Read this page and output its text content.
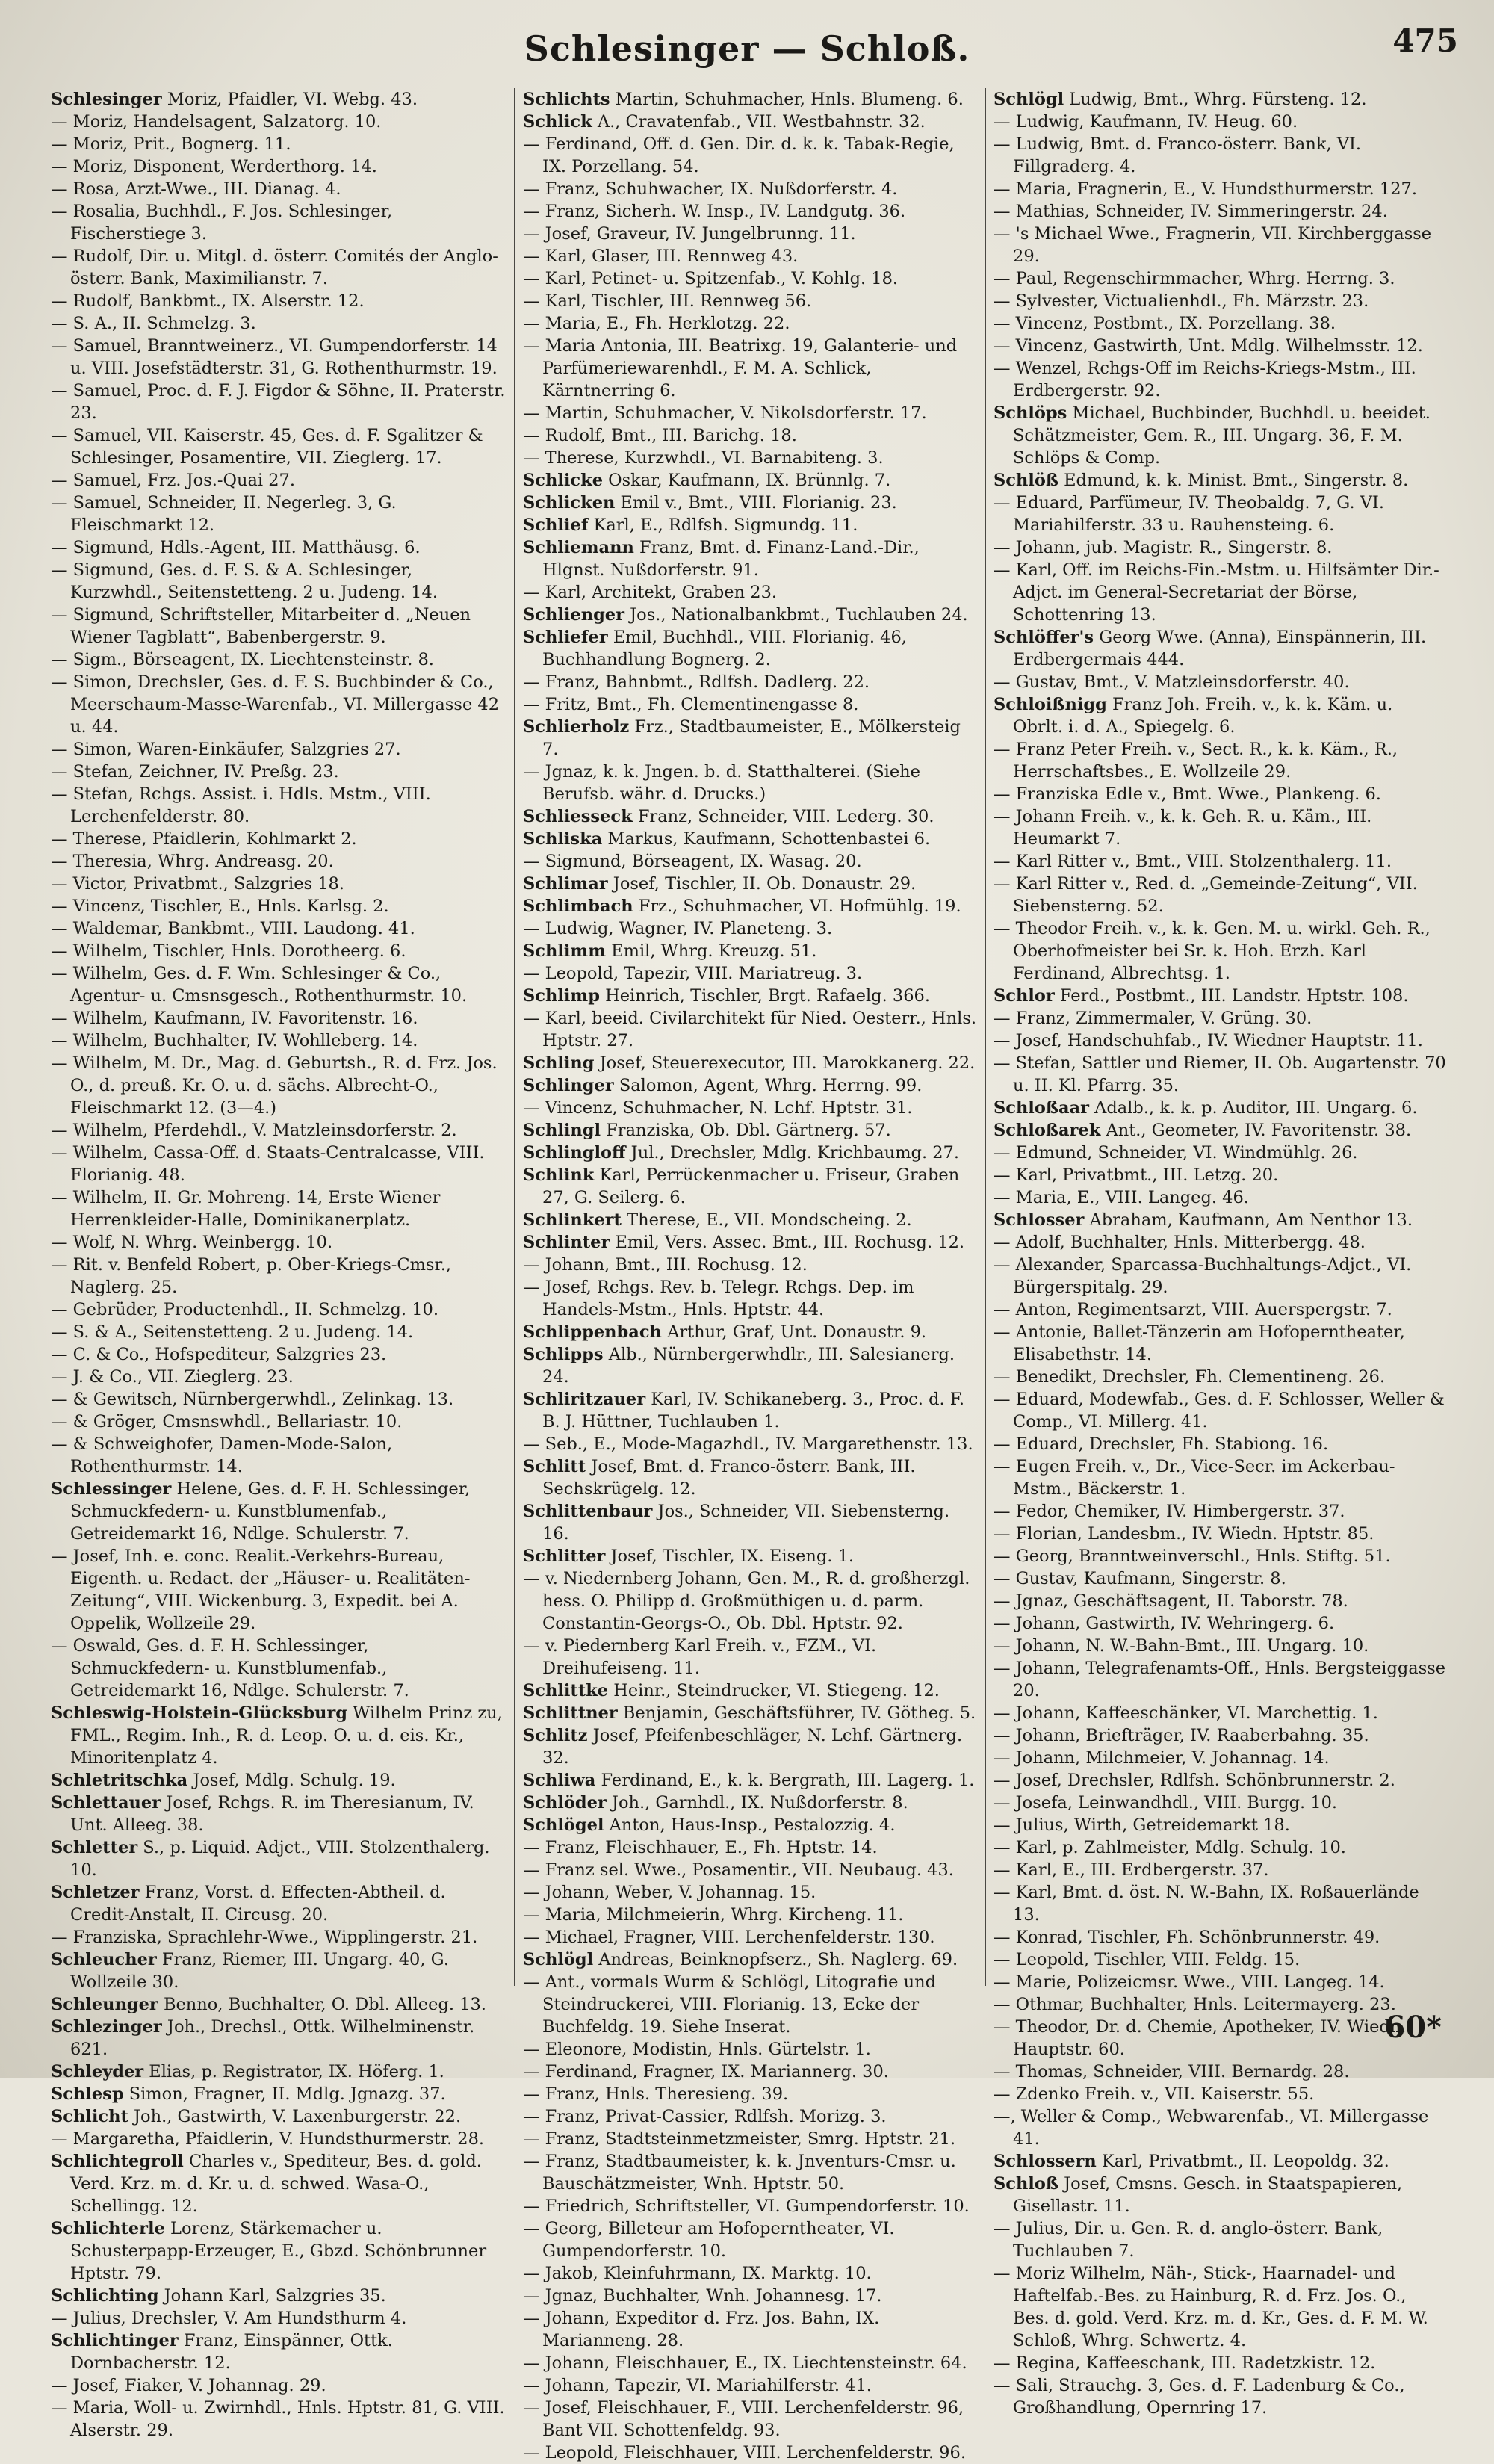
Schlesinger — Schloß.	475

Schlesinger Moriz, Pfaidler, VI. Webg. 43.

— Moriz, Handelsagent, Salzatorg. 10.

— Moriz, Prit., Bognerg. 11.

— Moriz, Disponent, Werderthorg. 14.

— Rosa, Arzt-Wwe., III. Dianag. 4.

— Rosalia, Buchhdl., F. Jos. Schlesinger, Fischerstiege 3.

— Rudolf, Dir. u. Mitgl. d. österr. Comités der Anglo-österr. Bank, Maximilianstr. 7.

— Rudolf, Bankbmt., IX. Alserstr. 12.

— S. A., II. Schmelzg. 3.

— Samuel, Branntweinerz., VI. Gumpendorferstr. 14 u. VIII. Josefstädterstr. 31, G. Rothenthurmstr. 19.

— Samuel, Proc. d. F. J. Figdor & Söhne, II. Praterstr. 23.

— Samuel, VII. Kaiserstr. 45, Ges. d. F. Sgalitzer & Schlesinger, Posamentire, VII. Zieglerg. 17.

— Samuel, Frz. Jos.-Quai 27.

— Samuel, Schneider, II. Negerleg. 3, G. Fleischmarkt 12.

— Sigmund, Hdls.-Agent, III. Matthäusg. 6.

— Sigmund, Ges. d. F. S. & A. Schlesinger, Kurzwhdl., Seitenstetteng. 2 u. Judeng. 14.

— Sigmund, Schriftsteller, Mitarbeiter d. „Neuen Wiener Tagblatt“, Babenbergerstr. 9.

— Sigm., Börseagent, IX. Liechtensteinstr. 8.

— Simon, Drechsler, Ges. d. F. S. Buchbinder & Co., Meerschaum-Masse-Warenfab., VI. Millergasse 42 u. 44.

— Simon, Waren-Einkäufer, Salzgries 27.

— Stefan, Zeichner, IV. Preßg. 23.

— Stefan, Rchgs. Assist. i. Hdls. Mstm., VIII. Lerchenfelderstr. 80.

— Therese, Pfaidlerin, Kohlmarkt 2.

— Theresia, Whrg. Andreasg. 20.

— Victor, Privatbmt., Salzgries 18.

— Vincenz, Tischler, E., Hnls. Karlsg. 2.

— Waldemar, Bankbmt., VIII. Laudong. 41.

— Wilhelm, Tischler, Hnls. Dorotheerg. 6.

— Wilhelm, Ges. d. F. Wm. Schlesinger & Co., Agentur- u. Cmsnsgesch., Rothenthurmstr. 10.

— Wilhelm, Kaufmann, IV. Favoritenstr. 16.

— Wilhelm, Buchhalter, IV. Wohlleberg. 14.

— Wilhelm, M. Dr., Mag. d. Geburtsh., R. d. Frz. Jos. O., d. preuß. Kr. O. u. d. sächs. Albrecht-O., Fleischmarkt 12. (3—4.)

— Wilhelm, Pferdehdl., V. Matzleinsdorferstr. 2.

— Wilhelm, Cassa-Off. d. Staats-Centralcasse, VIII. Florianig. 48.

— Wilhelm, II. Gr. Mohreng. 14, Erste Wiener Herrenkleider-Halle, Dominikanerplatz.

— Wolf, N. Whrg. Weinbergg. 10.

— Rit. v. Benfeld Robert, p. Ober-Kriegs-Cmsr., Naglerg. 25.

— Gebrüder, Productenhdl., II. Schmelzg. 10.

— S. & A., Seitenstetteng. 2 u. Judeng. 14.

— C. & Co., Hofspediteur, Salzgries 23.

— J. & Co., VII. Zieglerg. 23.

— & Gewitsch, Nürnbergerwhdl., Zelinkag. 13.

— & Gröger, Cmsnswhdl., Bellariastr. 10.

— & Schweighofer, Damen-Mode-Salon, Rothenthurmstr. 14.

Schlessinger Helene, Ges. d. F. H. Schlessinger, Schmuckfedern- u. Kunstblumenfab., Getreidemarkt 16, Ndlge. Schulerstr. 7.

— Josef, Inh. e. conc. Realit.-Verkehrs-Bureau, Eigenth. u. Redact. der „Häuser- u. Realitäten-Zeitung“, VIII. Wickenburg. 3, Expedit. bei A. Oppelik, Wollzeile 29.

— Oswald, Ges. d. F. H. Schlessinger, Schmuckfedern- u. Kunstblumenfab., Getreidemarkt 16, Ndlge. Schulerstr. 7.

Schleswig-Holstein-Glücksburg Wilhelm Prinz zu, FML., Regim. Inh., R. d. Leop. O. u. d. eis. Kr., Minoritenplatz 4.

Schletritschka Josef, Mdlg. Schulg. 19.

Schlettauer Josef, Rchgs. R. im Theresianum, IV. Unt. Alleeg. 38.

Schletter S., p. Liquid. Adjct., VIII. Stolzenthalerg. 10.

Schletzer Franz, Vorst. d. Effecten-Abtheil. d. Credit-Anstalt, II. Circusg. 20.

— Franziska, Sprachlehr-Wwe., Wipplingerstr. 21.

Schleucher Franz, Riemer, III. Ungarg. 40, G. Wollzeile 30.

Schleunger Benno, Buchhalter, O. Dbl. Alleeg. 13.

Schlezinger Joh., Drechsl., Ottk. Wilhelminenstr. 621.

Schleyder Elias, p. Registrator, IX. Höferg. 1.

Schlesp Simon, Fragner, II. Mdlg. Jgnazg. 37.

Schlicht Joh., Gastwirth, V. Laxenburgerstr. 22.

— Margaretha, Pfaidlerin, V. Hundsthurmerstr. 28.

Schlichtegroll Charles v., Spediteur, Bes. d. gold. Verd. Krz. m. d. Kr. u. d. schwed. Wasa-O., Schellingg. 12.

Schlichterle Lorenz, Stärkemacher u. Schusterpapp-Erzeuger, E., Gbzd. Schönbrunner Hptstr. 79.

Schlichting Johann Karl, Salzgries 35.

— Julius, Drechsler, V. Am Hundsthurm 4.

Schlichtinger Franz, Einspänner, Ottk. Dornbacherstr. 12.

— Josef, Fiaker, V. Johannag. 29.

— Maria, Woll- u. Zwirnhdl., Hnls. Hptstr. 81, G. VIII. Alserstr. 29.

Schlichts Martin, Schuhmacher, Hnls. Blumeng. 6.

Schlick A., Cravatenfab., VII. Westbahnstr. 32.

— Ferdinand, Off. d. Gen. Dir. d. k. k. Tabak-Regie, IX. Porzellang. 54.

— Franz, Schuhwacher, IX. Nußdorferstr. 4.

— Franz, Sicherh. W. Insp., IV. Landgutg. 36.

— Josef, Graveur, IV. Jungelbrunng. 11.

— Karl, Glaser, III. Rennweg 43.

— Karl, Petinet- u. Spitzenfab., V. Kohlg. 18.

— Karl, Tischler, III. Rennweg 56.

— Maria, E., Fh. Herklotzg. 22.

— Maria Antonia, III. Beatrixg. 19, Galanterie- und Parfümeriewarenhdl., F. M. A. Schlick, Kärntnerring 6.

— Martin, Schuhmacher, V. Nikolsdorferstr. 17.

— Rudolf, Bmt., III. Barichg. 18.

— Therese, Kurzwhdl., VI. Barnabiteng. 3.

Schlicke Oskar, Kaufmann, IX. Brünnlg. 7.

Schlicken Emil v., Bmt., VIII. Florianig. 23.

Schlief Karl, E., Rdlfsh. Sigmundg. 11.

Schliemann Franz, Bmt. d. Finanz-Land.-Dir., Hlgnst. Nußdorferstr. 91.

— Karl, Architekt, Graben 23.

Schlienger Jos., Nationalbankbmt., Tuchlauben 24.

Schliefer Emil, Buchhdl., VIII. Florianig. 46, Buchhandlung Bognerg. 2.

— Franz, Bahnbmt., Rdlfsh. Dadlerg. 22.

— Fritz, Bmt., Fh. Clementinengasse 8.

Schlierholz Frz., Stadtbaumeister, E., Mölkersteig 7.

— Jgnaz, k. k. Jngen. b. d. Statthalterei. (Siehe Berufsb. währ. d. Drucks.)

Schliesseck Franz, Schneider, VIII. Lederg. 30.

Schliska Markus, Kaufmann, Schottenbastei 6.

— Sigmund, Börseagent, IX. Wasag. 20.

Schlimar Josef, Tischler, II. Ob. Donaustr. 29.

Schlimbach Frz., Schuhmacher, VI. Hofmühlg. 19.

— Ludwig, Wagner, IV. Planeteng. 3.

Schlimm Emil, Whrg. Kreuzg. 51.

— Leopold, Tapezir, VIII. Mariatreug. 3.

Schlimp Heinrich, Tischler, Brgt. Rafaelg. 366.

— Karl, beeid. Civilarchitekt für Nied. Oesterr., Hnls. Hptstr. 27.

Schling Josef, Steuerexecutor, III. Marokkanerg. 22.

Schlinger Salomon, Agent, Whrg. Herrng. 99.

— Vincenz, Schuhmacher, N. Lchf. Hptstr. 31.

Schlingl Franziska, Ob. Dbl. Gärtnerg. 57.

Schlingloff Jul., Drechsler, Mdlg. Krichbaumg. 27.

Schlink Karl, Perrückenmacher u. Friseur, Graben 27, G. Seilerg. 6.

Schlinkert Therese, E., VII. Mondscheing. 2.

Schlinter Emil, Vers. Assec. Bmt., III. Rochusg. 12.

— Johann, Bmt., III. Rochusg. 12.

— Josef, Rchgs. Rev. b. Telegr. Rchgs. Dep. im Handels-Mstm., Hnls. Hptstr. 44.

Schlippenbach Arthur, Graf, Unt. Donaustr. 9.

Schlipps Alb., Nürnbergerwhdlr., III. Salesianerg. 24.

Schliritzauer Karl, IV. Schikaneberg. 3., Proc. d. F. B. J. Hüttner, Tuchlauben 1.

— Seb., E., Mode-Magazhdl., IV. Margarethenstr. 13.

Schlitt Josef, Bmt. d. Franco-österr. Bank, III. Sechskrügelg. 12.

Schlittenbaur Jos., Schneider, VII. Siebensterng. 16.

Schlitter Josef, Tischler, IX. Eiseng. 1.

— v. Niedernberg Johann, Gen. M., R. d. großherzgl. hess. O. Philipp d. Großmüthigen u. d. parm. Constantin-Georgs-O., Ob. Dbl. Hptstr. 92.

— v. Piedernberg Karl Freih. v., FZM., VI. Dreihufeiseng. 11.

Schlittke Heinr., Steindrucker, VI. Stiegeng. 12.

Schlittner Benjamin, Geschäftsführer, IV. Götheg. 5.

Schlitz Josef, Pfeifenbeschläger, N. Lchf. Gärtnerg. 32.

Schliwa Ferdinand, E., k. k. Bergrath, III. Lagerg. 1.

Schlöder Joh., Garnhdl., IX. Nußdorferstr. 8.

Schlögel Anton, Haus-Insp., Pestalozzig. 4.

— Franz, Fleischhauer, E., Fh. Hptstr. 14.

— Franz sel. Wwe., Posamentir., VII. Neubaug. 43.

— Johann, Weber, V. Johannag. 15.

— Maria, Milchmeierin, Whrg. Kircheng. 11.

— Michael, Fragner, VIII. Lerchenfelderstr. 130.

Schlögl Andreas, Beinknopfserz., Sh. Naglerg. 69.

— Ant., vormals Wurm & Schlögl, Litografie und Steindruckerei, VIII. Florianig. 13, Ecke der Buchfeldg. 19. Siehe Inserat.

— Eleonore, Modistin, Hnls. Gürtelstr. 1.

— Ferdinand, Fragner, IX. Mariannerg. 30.

— Franz, Hnls. Theresieng. 39.

— Franz, Privat-Cassier, Rdlfsh. Morizg. 3.

— Franz, Stadtsteinmetzmeister, Smrg. Hptstr. 21.

— Franz, Stadtbaumeister, k. k. Jnventurs-Cmsr. u. Bauschätzmeister, Wnh. Hptstr. 50.

— Friedrich, Schriftsteller, VI. Gumpendorferstr. 10.

— Georg, Billeteur am Hofoperntheater, VI. Gumpendorferstr. 10.

— Jakob, Kleinfuhrmann, IX. Marktg. 10.

— Jgnaz, Buchhalter, Wnh. Johannesg. 17.

— Johann, Expeditor d. Frz. Jos. Bahn, IX. Marianneng. 28.

— Johann, Fleischhauer, E., IX. Liechtensteinstr. 64.

— Johann, Tapezir, VI. Mariahilferstr. 41.

— Josef, Fleischhauer, F., VIII. Lerchenfelderstr. 96, Bant VII. Schottenfeldg. 93.

— Leopold, Fleischhauer, VIII. Lerchenfelderstr. 96.

Schlögl Ludwig, Bmt., Whrg. Fürsteng. 12.

— Ludwig, Kaufmann, IV. Heug. 60.

— Ludwig, Bmt. d. Franco-österr. Bank, VI. Fillgraderg. 4.

— Maria, Fragnerin, E., V. Hundsthurmerstr. 127.

— Mathias, Schneider, IV. Simmeringerstr. 24.

— 's Michael Wwe., Fragnerin, VII. Kirchberggasse 29.

— Paul, Regenschirmmacher, Whrg. Herrng. 3.

— Sylvester, Victualienhdl., Fh. Märzstr. 23.

— Vincenz, Postbmt., IX. Porzellang. 38.

— Vincenz, Gastwirth, Unt. Mdlg. Wilhelmsstr. 12.

— Wenzel, Rchgs-Off im Reichs-Kriegs-Mstm., III. Erdbergerstr. 92.

Schlöps Michael, Buchbinder, Buchhdl. u. beeidet. Schätzmeister, Gem. R., III. Ungarg. 36, F. M. Schlöps & Comp.

Schlöß Edmund, k. k. Minist. Bmt., Singerstr. 8.

— Eduard, Parfümeur, IV. Theobaldg. 7, G. VI. Mariahilferstr. 33 u. Rauhensteing. 6.

— Johann, jub. Magistr. R., Singerstr. 8.

— Karl, Off. im Reichs-Fin.-Mstm. u. Hilfsämter Dir.-Adjct. im General-Secretariat der Börse, Schottenring 13.

Schlöffer's Georg Wwe. (Anna), Einspännerin, III. Erdbergermais 444.

— Gustav, Bmt., V. Matzleinsdorferstr. 40.

Schloißnigg Franz Joh. Freih. v., k. k. Käm. u. Obrlt. i. d. A., Spiegelg. 6.

— Franz Peter Freih. v., Sect. R., k. k. Käm., R., Herrschaftsbes., E. Wollzeile 29.

— Franziska Edle v., Bmt. Wwe., Plankeng. 6.

— Johann Freih. v., k. k. Geh. R. u. Käm., III. Heumarkt 7.

— Karl Ritter v., Bmt., VIII. Stolzenthalerg. 11.

— Karl Ritter v., Red. d. „Gemeinde-Zeitung“, VII. Siebensterng. 52.

— Theodor Freih. v., k. k. Gen. M. u. wirkl. Geh. R., Oberhofmeister bei Sr. k. Hoh. Erzh. Karl Ferdinand, Albrechtsg. 1.

Schlor Ferd., Postbmt., III. Landstr. Hptstr. 108.

— Franz, Zimmermaler, V. Grüng. 30.

— Josef, Handschuhfab., IV. Wiedner Hauptstr. 11.

— Stefan, Sattler und Riemer, II. Ob. Augartenstr. 70 u. II. Kl. Pfarrg. 35.

Schloßaar Adalb., k. k. p. Auditor, III. Ungarg. 6.

Schloßarek Ant., Geometer, IV. Favoritenstr. 38.

— Edmund, Schneider, VI. Windmühlg. 26.

— Karl, Privatbmt., III. Letzg. 20.

— Maria, E., VIII. Langeg. 46.

Schlosser Abraham, Kaufmann, Am Nenthor 13.

— Adolf, Buchhalter, Hnls. Mitterbergg. 48.

— Alexander, Sparcassa-Buchhaltungs-Adjct., VI. Bürgerspitalg. 29.

— Anton, Regimentsarzt, VIII. Auerspergstr. 7.

— Antonie, Ballet-Tänzerin am Hofoperntheater, Elisabethstr. 14.

— Benedikt, Drechsler, Fh. Clementineng. 26.

— Eduard, Modewfab., Ges. d. F. Schlosser, Weller & Comp., VI. Millerg. 41.

— Eduard, Drechsler, Fh. Stabiong. 16.

— Eugen Freih. v., Dr., Vice-Secr. im Ackerbau-Mstm., Bäckerstr. 1.

— Fedor, Chemiker, IV. Himbergerstr. 37.

— Florian, Landesbm., IV. Wiedn. Hptstr. 85.

— Georg, Branntweinverschl., Hnls. Stiftg. 51.

— Gustav, Kaufmann, Singerstr. 8.

— Jgnaz, Geschäftsagent, II. Taborstr. 78.

— Johann, Gastwirth, IV. Wehringerg. 6.

— Johann, N. W.-Bahn-Bmt., III. Ungarg. 10.

— Johann, Telegrafenamts-Off., Hnls. Bergsteiggasse 20.

— Johann, Kaffeeschänker, VI. Marchettig. 1.

— Johann, Briefträger, IV. Raaberbahng. 35.

— Johann, Milchmeier, V. Johannag. 14.

— Josef, Drechsler, Rdlfsh. Schönbrunnerstr. 2.

— Josefa, Leinwandhdl., VIII. Burgg. 10.

— Julius, Wirth, Getreidemarkt 18.

— Karl, p. Zahlmeister, Mdlg. Schulg. 10.

— Karl, E., III. Erdbergerstr. 37.

— Karl, Bmt. d. öst. N. W.-Bahn, IX. Roßauerlände 13.

— Konrad, Tischler, Fh. Schönbrunnerstr. 49.

— Leopold, Tischler, VIII. Feldg. 15.

— Marie, Polizeicmsr. Wwe., VIII. Langeg. 14.

— Othmar, Buchhalter, Hnls. Leitermayerg. 23.

— Theodor, Dr. d. Chemie, Apotheker, IV. Wiedn. Hauptstr. 60.

— Thomas, Schneider, VIII. Bernardg. 28.

— Zdenko Freih. v., VII. Kaiserstr. 55.

—, Weller & Comp., Webwarenfab., VI. Millergasse 41.

Schlossern Karl, Privatbmt., II. Leopoldg. 32.

Schloß Josef, Cmsns. Gesch. in Staatspapieren, Gisellastr. 11.

— Julius, Dir. u. Gen. R. d. anglo-österr. Bank, Tuchlauben 7.

— Moriz Wilhelm, Näh-, Stick-, Haarnadel- und Haftelfab.-Bes. zu Hainburg, R. d. Frz. Jos. O., Bes. d. gold. Verd. Krz. m. d. Kr., Ges. d. F. M. W. Schloß, Whrg. Schwertz. 4.

— Regina, Kaffeeschank, III. Radetzkistr. 12.

— Sali, Strauchg. 3, Ges. d. F. Ladenburg & Co., Großhandlung, Opernring 17.

60*
